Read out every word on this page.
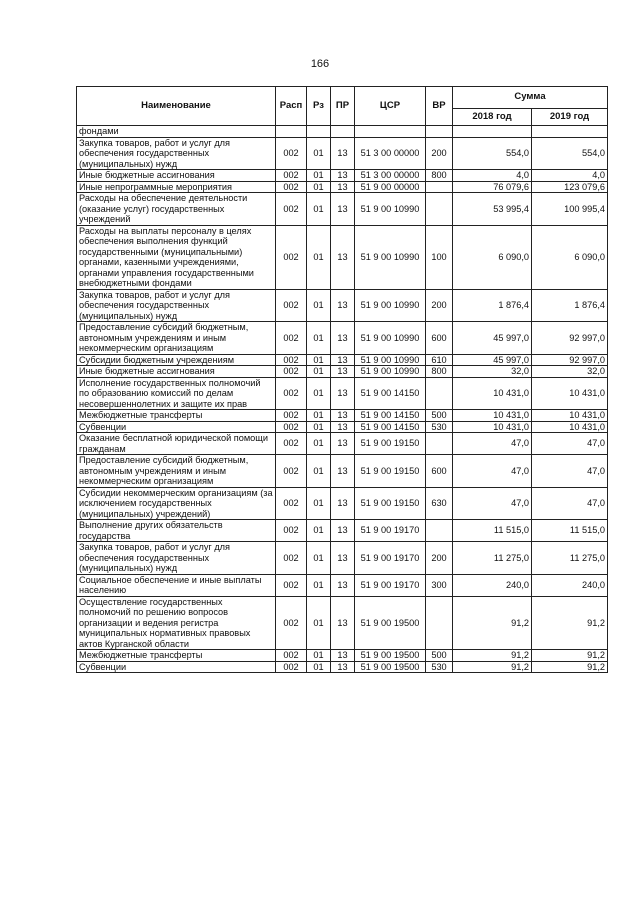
166
Наименование	Расп	Рз	ПР	ЦСР	ВР	Сумма	
						2018 год	2019 год
фондами							
Закупка товаров, работ и услуг для обеспечения государственных (муниципальных) нужд	002	01	13	51 3 00 00000	200	554,0	554,0
Иные бюджетные ассигнования	002	01	13	51 3 00 00000	800	4,0	4,0
Иные непрограммные мероприятия	002	01	13	51 9 00 00000		76 079,6	123 079,6
Расходы на обеспечение деятельности (оказание услуг) государственных учреждений	002	01	13	51 9 00 10990		53 995,4	100 995,4
Расходы на выплаты персоналу в целях обеспечения выполнения функций государственными (муниципальными) органами, казенными учреждениями, органами управления государственными внебюджетными фондами	002	01	13	51 9 00 10990	100	6 090,0	6 090,0
Закупка товаров, работ и услуг для обеспечения государственных (муниципальных) нужд	002	01	13	51 9 00 10990	200	1 876,4	1 876,4
Предоставление субсидий бюджетным, автономным учреждениям и иным некоммерческим организациям	002	01	13	51 9 00 10990	600	45 997,0	92 997,0
Субсидии бюджетным учреждениям	002	01	13	51 9 00 10990	610	45 997,0	92 997,0
Иные бюджетные ассигнования	002	01	13	51 9 00 10990	800	32,0	32,0
Исполнение государственных полномочий по образованию комиссий по делам несовершеннолетних и защите их прав	002	01	13	51 9 00 14150		10 431,0	10 431,0
Межбюджетные трансферты	002	01	13	51 9 00 14150	500	10 431,0	10 431,0
Субвенции	002	01	13	51 9 00 14150	530	10 431,0	10 431,0
Оказание бесплатной юридической помощи гражданам	002	01	13	51 9 00 19150		47,0	47,0
Предоставление субсидий бюджетным, автономным учреждениям и иным некоммерческим организациям	002	01	13	51 9 00 19150	600	47,0	47,0
Субсидии некоммерческим организациям (за исключением государственных (муниципальных) учреждений)	002	01	13	51 9 00 19150	630	47,0	47,0
Выполнение других обязательств государства	002	01	13	51 9 00 19170		11 515,0	11 515,0
Закупка товаров, работ и услуг для обеспечения государственных (муниципальных) нужд	002	01	13	51 9 00 19170	200	11 275,0	11 275,0
Социальное обеспечение и иные выплаты населению	002	01	13	51 9 00 19170	300	240,0	240,0
Осуществление государственных полномочий по решению вопросов организации и ведения регистра муниципальных нормативных правовых актов Курганской области	002	01	13	51 9 00 19500		91,2	91,2
Межбюджетные трансферты	002	01	13	51 9 00 19500	500	91,2	91,2
Субвенции	002	01	13	51 9 00 19500	530	91,2	91,2
